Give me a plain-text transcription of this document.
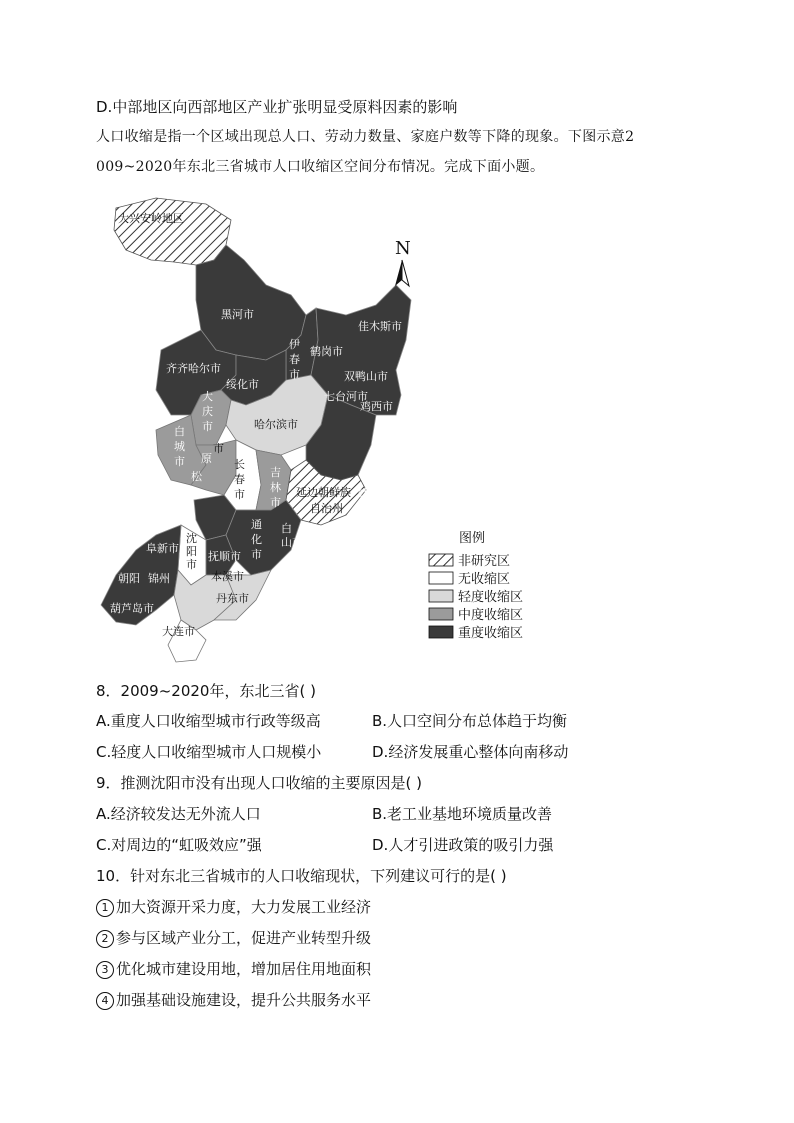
D.中部地区向西部地区产业扩张明显受原料因素的影响
人口收缩是指一个区域出现总人口、劳动力数量、家庭户数等下降的现象。下图示意2
009~2020年东北三省城市人口收缩区空间分布情况。完成下面小题。
大兴安岭地区
黑河市
伊
春
市
佳木斯市
鹤岗市
齐齐哈尔市
绥化市
双鸭山市
七台河市
鸡西市
大
庆
市	哈尔滨市
白
城
市 原
松
市
长
春
市
吉
林
市
牡丹江市
延边朝鲜族
自治州
白
山市
通
化
市
抚顺市
沈
阳
市
阜新市
朝阳 锦州
葫芦岛市
本溪市
丹东市
大连市
N
图例
非研究区
无收缩区
轻度收缩区
中度收缩区
重度收缩区
8．2009~2020年，东北三省( )
A.重度人口收缩型城市行政等级高	B.人口空间分布总体趋于均衡
C.轻度人口收缩型城市人口规模小	D.经济发展重心整体向南移动
9．推测沈阳市没有出现人口收缩的主要原因是( )
A.经济较发达无外流人口	B.老工业基地环境质量改善
C.对周边的“虹吸效应”强	D.人才引进政策的吸引力强
10．针对东北三省城市的人口收缩现状，下列建议可行的是( )
1 加大资源开采力度，大力发展工业经济
2 参与区域产业分工，促进产业转型升级
3 优化城市建设用地，增加居住用地面积
4 加强基础设施建设，提升公共服务水平
